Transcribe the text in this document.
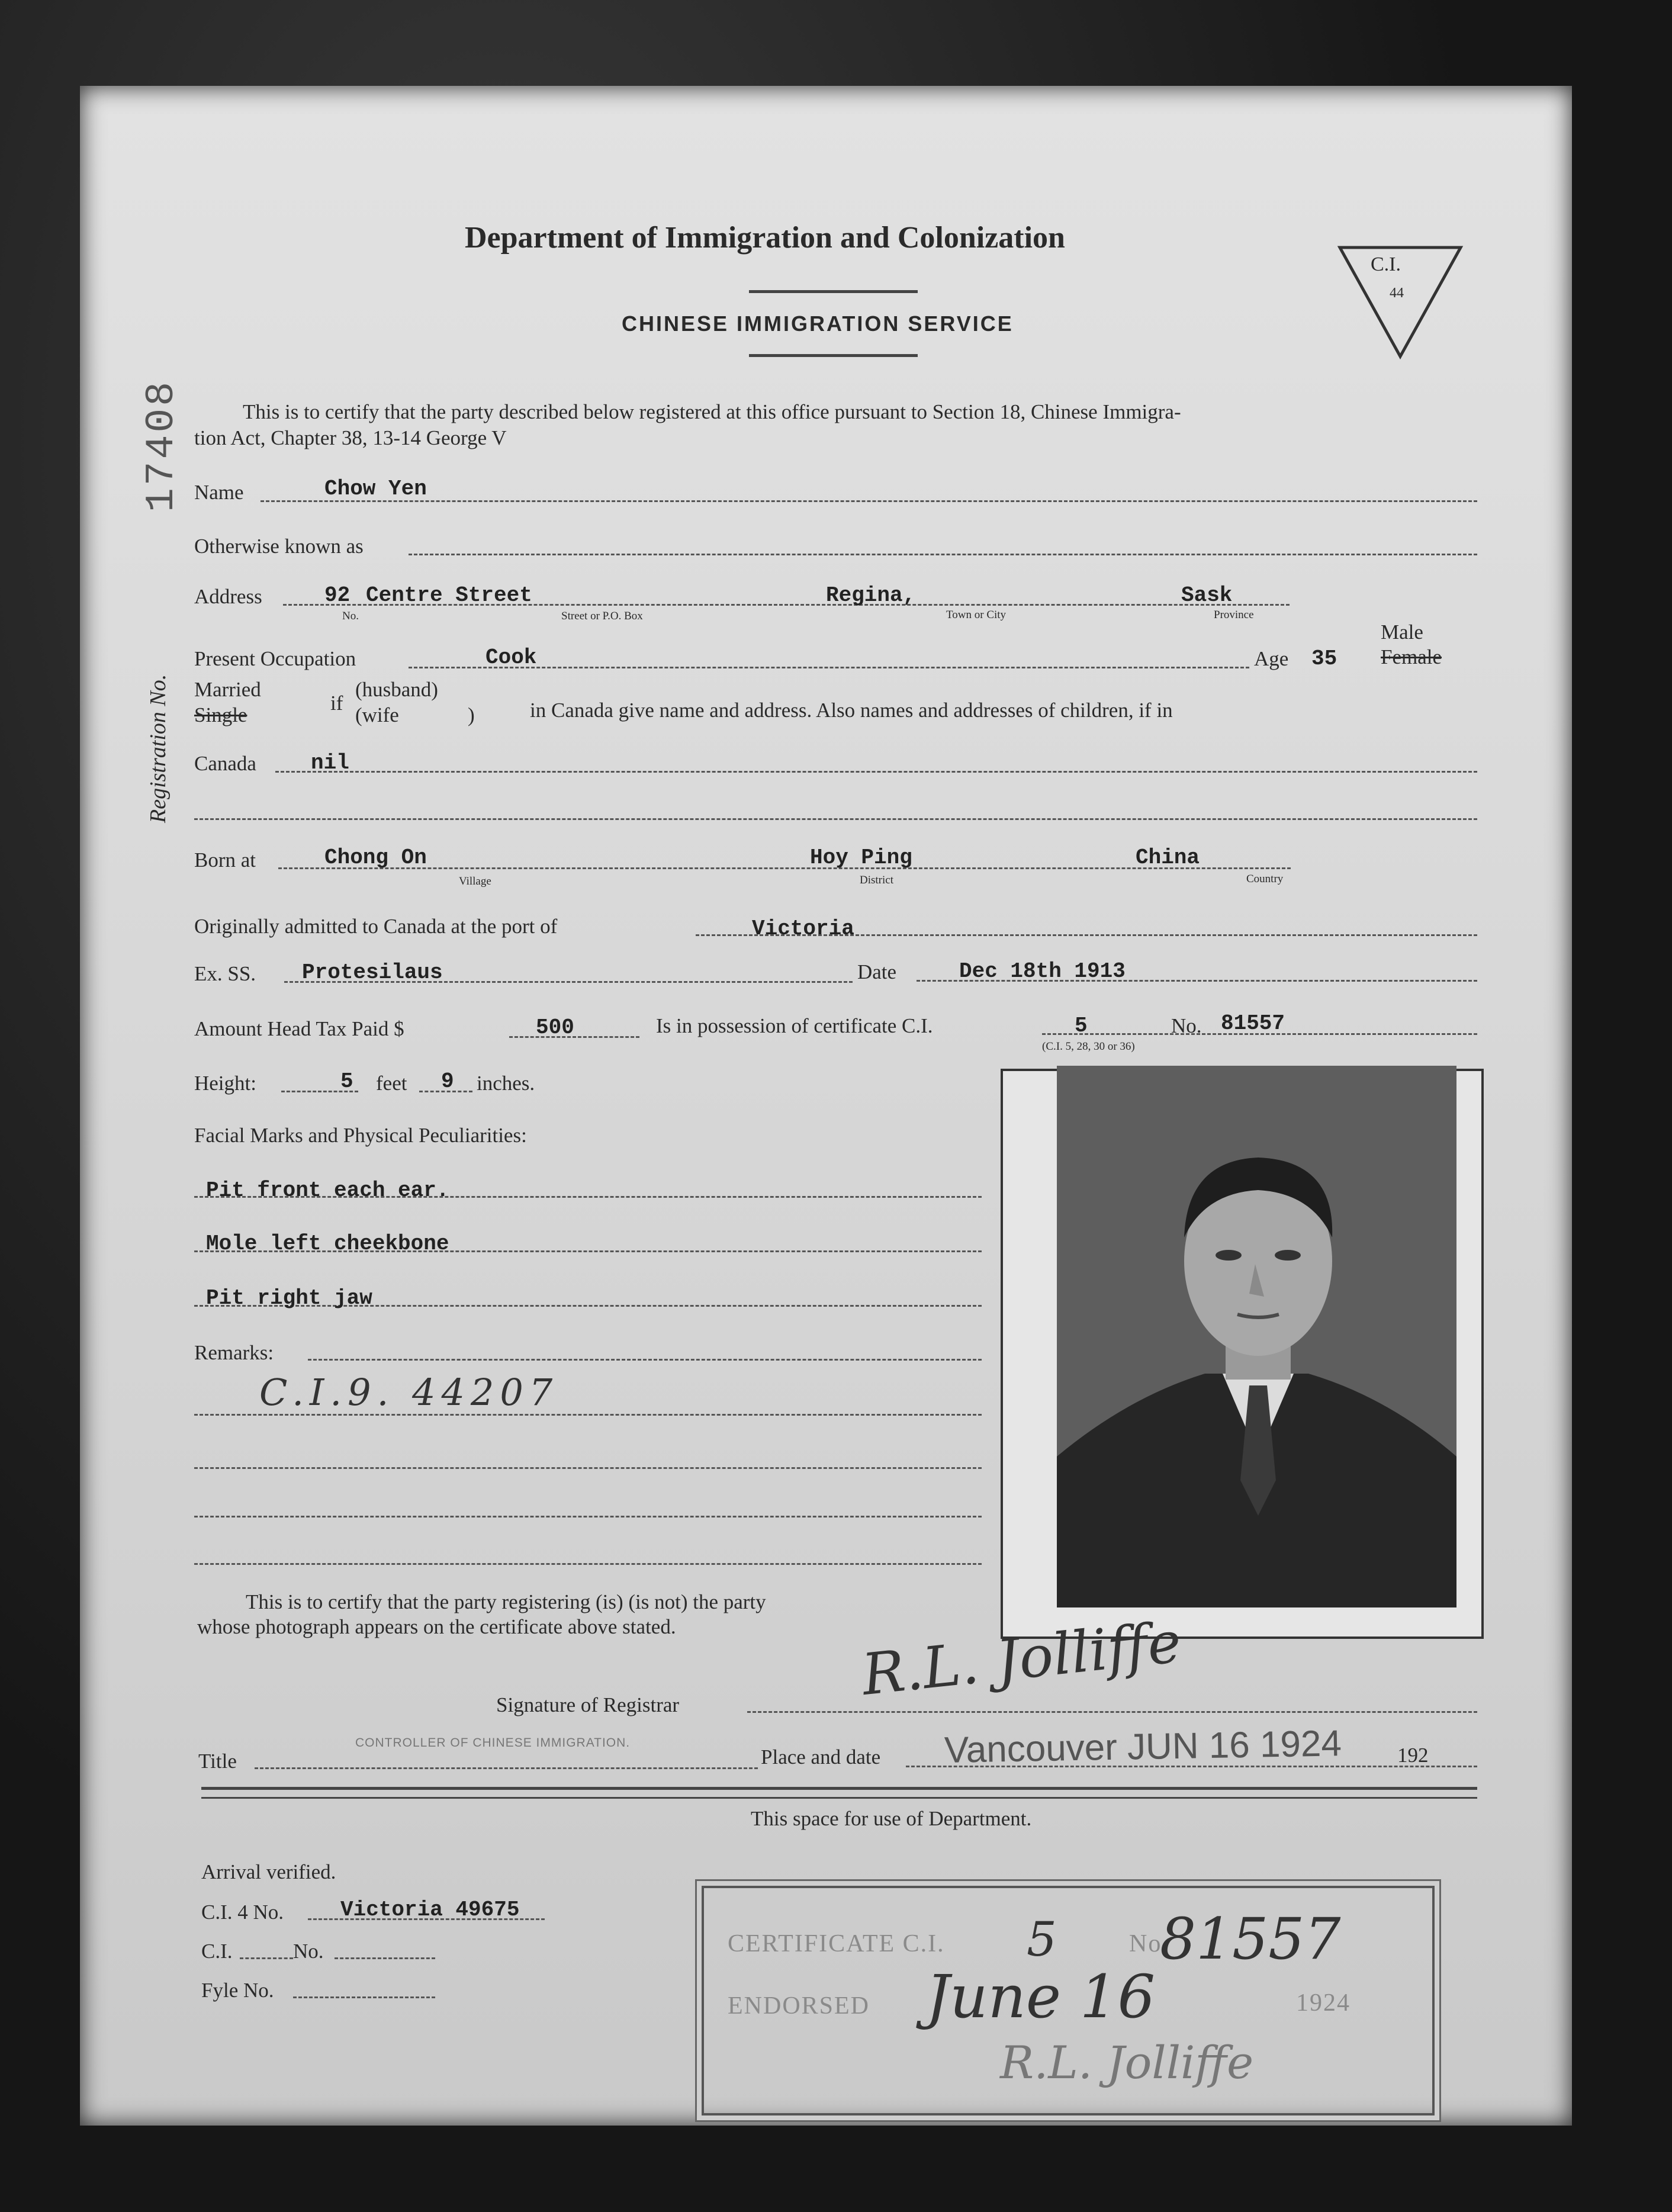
Department of Immigration and Colonization
CHINESE IMMIGRATION SERVICE
C.I.
44
17408
Registration No.
This is to certify that the party described below registered at this office pursuant to Section 18, Chinese Immigra-
tion Act, Chapter 38, 13-14 George V
Name	Chow Yen
Otherwise known as
Address	92 Centre Street	Regina,	Sask
No.	Street or P.O. Box	Town or City	Province
Male
Present Occupation	Cook	Age 35 Female
Married
Single
if
(husband)
(wife	)	in Canada give name and address. Also names and addresses of children, if in
Canada	nil
Born at	Chong On	Hoy Ping	China
Village	District	Country
Originally admitted to Canada at the port of	Victoria
Ex. SS. Protesilaus	Date	Dec 18th 1913
Amount Head Tax Paid $	500	Is in possession of certificate C.I.	5	No. 81557
(C.I. 5, 28, 30 or 36)
Height:	5 feet 9 inches.
Facial Marks and Physical Peculiarities:
Pit front each ear.
Mole left cheekbone
Pit right jaw
Remarks:
C.I.9. 44207
This is to certify that the party registering (is) (is not) the party
whose photograph appears on the certificate above stated.
Signature of Registrar	R.L. Jolliffe
Title
CONTROLLER OF CHINESE IMMIGRATION.
Place and date Vancouver JUN 16 1924	192
This space for use of Department.
Arrival verified.
C.I. 4 No.	Victoria 49675
C.I.	No.
Fyle No.
CERTIFICATE C.I. 5	No.
81557
ENDORSED June 16	1924
R.L. Jolliffe
